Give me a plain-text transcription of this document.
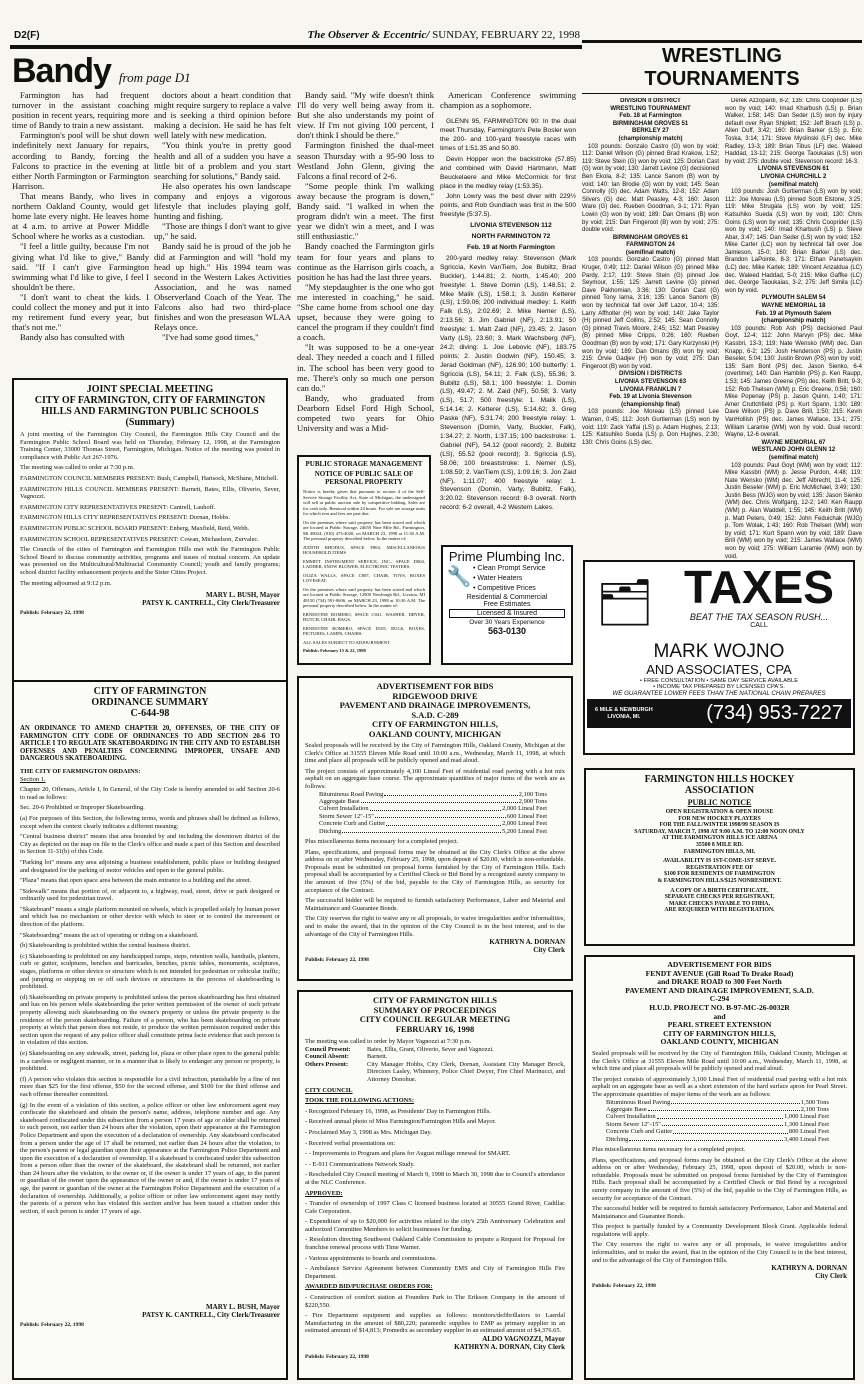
D2(F)	The Observer & Eccentric/ SUNDAY, FEBRUARY 22, 1998
Bandy from page D1

Farmington has had frequent turnover in the assistant coaching position in recent years, requiring more time of Bandy to train a new assistant.

Farmington's pool will be shut down indefinitely next January for repairs, according to Bandy, forcing the Falcons to practice in the evening at either North Farmington or Farmington Harrison.

That means Bandy, who lives in northern Oakland County, would get home late every night. He leaves home at 4 a.m. to arrive at Power Middle School where he works as a custodian.

"I feel a little guilty, because I'm not giving what I'd like to give," Bandy said. "If I can't give Farmington swimming what I'd like to give, I feel I shouldn't be there.

"I don't want to cheat the kids. I could collect the money and put it into my retirement fund every year, but that's not me."

Bandy also has consulted with

doctors about a heart condition that might require surgery to replace a valve and is seeking a third opinion before making a decision. He said he has felt well lately with new medication.

"You think you're in pretty good health and all of a sudden you have a little bit of a problem and you start searching for solutions," Bandy said.

He also operates his own landscape company and enjoys a vigorous lifestyle that includes playing golf, hunting and fishing.

"Those are things I don't want to give up," he said.

Bandy said he is proud of the job he did at Farmington and will "hold my head up high." His 1994 team was second in the Western Lakes Activities Association, and he was named Observerland Coach of the Year. The Falcons also had two third-place finishes and won the preseason WLAA Relays once.

"I've had some good times,"

Bandy said. "My wife doesn't think I'll do very well being away from it. But she also understands my point of view. If I'm not giving 100 percent, I don't think I should be there."

Farmington finished the dual-meet season Thursday with a 95-90 loss to Westland John Glenn, giving the Falcons a final record of 2-6.

"Some people think I'm walking away because the program is down," Bandy said. "I walked in when the program didn't win a meet. The first year we didn't win a meet, and I was still enthusiastic."

Bandy coached the Farmington girls team for four years and plans to continue as the Harrison girls coach, a position he has had the last three years.

"My stepdaughter is the one who got me interested in coaching," he said. "She came home from school one day upset, because they were going to cancel the program if they couldn't find a coach.

"It was supposed to be a one-year deal. They needed a coach and I filled in. The school has been very good to me. There's only so much one person can do."

Bandy, who graduated from Dearborn Edsel Ford High School, competed two years for Ohio University and was a Mid-

American Conference swimming champion as a sophomore.

GLENN 95, FARMINGTON 90: In the dual meet Thursday, Farmington's Pete Bosler won the 200- and 100-yard freestyle races with times of 1:51.35 and 50.80.

Devin Hopper won the backstroke (57.85) and combined with David Hartmann, Matt Beuckelaere and Mike McCormick for first place in the medley relay (1:53.35).

John Lowry was the best diver with 229½ points, and Rob Gundlach was first in the 500 freestyle (5:37.5).

LIVONIA STEVENSON 112

NORTH FARMINGTON 72

Feb. 19 at North Farmington

200-yard medley relay: Stevenson (Mark Sgriccia, Kevin VanTiem, Joe Bubiltz, Brad Buckler), 1:44.81; 2. North, 1:45.40; 200 freestyle: 1. Steve Domin (LS), 1:48.51; 2. Mike Malik (LS), 1:58.1; 3. Justin Ketterer (LS), 1:59.06; 200 individual medley: 1. Keith Falk (LS), 2:02.69; 2. Mike Nemer (LS), 2:13.56; 3. Jim Gabriel (NF), 2:13.91; 50 freestyle: 1. Matt Zaid (NF), 23.45; 2. Jason Varty (LS), 23.60; 3. Mark Wachsberg (NF), 24.2; diving: 1. Joe Lebovic (NF), 183.75 points; 2. Justin Godwin (NF), 150.45; 3. Jerad Goldman (NF), 126.90; 100 butterfly: 1. Sgriccia (LS), 54.11; 2. Falk (LS), 55.36; 3. Bubiltz (LS), 58.1; 100 freestyle: 1. Domin (LS), 49.47; 2. M. Zaid (NF), 50.58; 3. Varty (LS), 51.7; 500 freestyle: 1. Malik (LS), 5:14.14; 2. Ketterer (LS), 5:14.62; 3. Greg Paske (NF), 5:31.74; 200 freestyle relay: 1. Stevenson (Domin, Varty, Buckler, Falk), 1:34.27; 2. North, 1:37.15; 100 backstroke: 1. Gabriel (NF), 54.12 (pool record); 2. Bubiltz (LS), 55.52 (pool record); 3. Sgriccia (LS), 58.06; 100 breaststroke: 1. Nemer (LS), 1:08.59; 2. VanTiem (LS), 1:09.16; 3. Jon Zaid (NF), 1:11.07; 400 freestyle relay: 1. Stevenson (Domin, Varty, Bubiltz, Falk), 3:20.02. Stevenson record: 8-3 overall. North record: 6-2 overall, 4-2 Western Lakes.

WRESTLING TOURNAMENTS
DIVISION II DISTRICT
WRESTLING TOURNAMENT
Feb. 18 at Farmington
BIRMINGHAM GROVES 51
BERKLEY 27
(championship match)

103 pounds: Gonzalo Castro (G) won by void; 112: Daniel Wilson (G) pinned Brad Krakow, 1:52; 119: Steve Stein (G) won by void; 125: Dorian Cast (G) won by void; 130: Jarrett Levine (G) decisioned Ben Ekola, 8-2; 135: Lance Sanom (B) won by void; 140: Ian Brodie (G) won by void; 145: Sean Connolly (G) dec. Adam Watts, 12-8; 152: Adam Silvers (G) dec. Matt Peasley, 4-3; 160: Jason Ware (G) dec. Rueben Goodman, 3-1; 171: Ryan Lowin (G) won by void; 189: Dan Omans (B) won by void; 215: Dan Fingeroot (B) won by void; 275: double void.

BIRMINGHAM GROVES 61
FARMINGTON 24
(semifinal match)

103 pounds: Gonzalo Castro (G) pinned Matt Kruger, 0:49; 112: Daniel Wilson (G) pinned Mike Pardy, 2:17; 119: Steve Stein (G) pinned Joe Seymour, 1:55; 125: Jarrett Levine (G) pinned Dave Pakhomian, 3:36; 130: Dorian Cast (G) pinned Tony Iarna, 3:16; 135: Lance Sanom (B) won by technical fall over Jeff Lazor, 10-4; 135: Larry Affholter (H) won by void; 140: Jake Taylor (H) pinned Jeff Collins, 2:52; 145: Sean Connolly (G) pinned Travis Moore, 2:45; 152: Matt Peasley (B) pinned Mike Cripps, 0:26; 160: Rueben Goodman (B) won by void; 171: Gary Kurzynski (H) won by void; 189: Dan Omans (B) won by void; 215: Orvie Gadjev (H) won by void; 275: Dan Fingeroot (B) won by void.

DIVISION I DISTRICTS
LIVONIA STEVENSON 63
LIVONIA FRANKLIN 7
Feb. 19 at Livonia Stevenson
(championship final)

103 pounds: Joe Moreau (LS) pinned Lee Warren, 0:45; 112: Josh Gurtierman (LS) won by void; 119: Zack Yaffai (LS) p. Adam Hughes, 2:13; 125: Katsuhiko Sueda (LS) p. Don Hughes, 2:30; 130: Chris Goins (LS) dec.

Derek Azzopardi, 8-2; 135: Chris Cooprider (LS) won by void; 140: Imad Kharbush (LS) p. Brian Walker, 1:58; 145: Dan Seder (LS) won by injury default over Ryan Shiplett; 152: Jeff Brach (LS) p. Allen Duff, 3:42; 160: Brian Barker (LS) p. Eric Toska, 3:14; 171: Steve Myslinski (LF) dec. Mike Radley, 13-3; 189: Brian Tibus (LF) dec. Waleed Haddad, 13-12; 215: George Taoukaias (LS) won by void; 275: double void. Stevenson record: 16-3.

LIVONIA STEVENSON 61
LIVONIA CHURCHILL 2
(semifinal match)

103 pounds: Josh Gurtierman (LS) won by void; 112: Joe Moreau (LS) pinned Scott Elstone, 3:25; 119: Mike Strugala (LS) won by void; 125: Katsuhiko Sueda (LS) won by void; 130: Chris Goins (LS) won by void; 135: Chris Cooprider (LS) won by void; 140: Imad Kharbush (LS) p. Steve Abar, 3:47; 145: Dan Seder (LS) won by void; 152: Mike Carter (LC) won by technical fall over Joe Jamieson, 15-0; 160: Brian Barker (LS) dec. Brandon LaPointe, 8-3; 171: Ethan Panetsaykin (LC) dec. Mike Karlek; 189: Vincent Anzaldua (LC) dec. Waleed Haddad, 5-0; 215: Mike Gaffke (LC) dec. George Taoukaias, 3-2; 275: Jeff Simila (LC) won by void.

PLYMOUTH SALEM 54
WAYNE MEMORIAL 18
Feb. 19 at Plymouth Salem
(championship match)

103 pounds: Rob Ash (PS) decisioned Paul Goyt, 12-4; 112: John Marvyn (PS) dec. Mike Kassbri, 13-3; 119: Nate Wensko (WM) dec. Dan Knapp, 6-2; 125: Josh Henderson (PS) p. Justin Beseler, 5:04; 130: Justin Brown (PS) won by void; 135: Sam Bont (PS) dec. Jason Sienko, 6-4 (overtime); 140: Dan Hamblin (PS) p. Ken Raupp, 1:53; 145: James Greene (PS) dec. Keith Britt, 9-3; 152: Rob Thelsen (WM) p. Eric Greene, 0:56; 160: Mike Popenay (PS) p. Jason Quinn, 1:40; 171: Amer Cruttchfield (PS) p. Kurt Spann, 1:30; 189: Dave Wilson (PS) p. Dave Brill, 1:50; 215: Kevin VanHollish (PS) dec. James Wallace, 13-1; 275: William Laramie (WM) won by void. Dual record: Wayne, 12-6 overall.

WAYNE MEMORIAL 67
WESTLAND JOHN GLENN 12
(semifinal match)

103 pounds: Paul Goyt (WM) won by void; 112: Mike Kassbri (WM) p. Jesse Purdon, 4:48; 119: Nate Wensko (WM) dec. Jeff Albrecht, 11-4; 125: Justin Beseler (WM) p. Eric McMichael, 3:49; 130: Justin Bess (WJG) won by void; 135: Jason Sienko (WM) dec. Chris Wolfgang, 12-2; 140: Ken Raupp (WM) p. Alan Waddell, 1:55; 145: Keith Britt (WM) p. Matt Peters, 0:49; 152: John Feduichak (WJG) p. Tom Wolak, 1:43; 160: Rob Thelsen (WM) won by void; 171: Kurt Spann won by void; 189: Dave Brill (WM) won by void; 215: James Wallace (WM) won by void; 275: William Laramie (WM) won by void.

JOINT SPECIAL MEETING
CITY OF FARMINGTON, CITY OF FARMINGTON
HILLS AND FARMINGTON PUBLIC SCHOOLS
(Summary)

A joint meeting of the Farmington City Council, the Farmington Hills City Council and the Farmington Public School Board was held on Thursday, February 12, 1998, at the Farmington Training Center, 33000 Thomas Street, Farmington, Michigan. Notice of the meeting was posted in compliance with Public Act 267-1976.

The meeting was called to order at 7:30 p.m.

FARMINGTON COUNCIL MEMBERS PRESENT: Bush, Campbell, Hartsock, McShane, Mitchell.

FARMINGTON HILLS COUNCIL MEMBERS PRESENT: Barnett, Bates, Ellis, Oliverio, Sever, Vagnozzi.

FARMINGTON CITY REPRESENTATIVES PRESENT: Cantrell, Lauhoff.

FARMINGTON HILLS CITY REPRESENTATIVES PRESENT: Dornan, Hobbs.

FARMINGTON PUBLIC SCHOOL BOARD PRESENT: Enberg, Maxfield, Reid, Webb.

FARMINGTON SCHOOL REPRESENTATIVES PRESENT: Cowan, Michaelson, Zurvalec.

The Councils of the cities of Farmington and Farmington Hills met with the Farmington Public School Board to discuss community activities, programs and issues of mutual concern. An update was presented on the Multicultural/Multiracial Community Council; youth and family programs; school district facility enhancement projects and the Sister Cities Project.

The meeting adjourned at 9:12 p.m.

MARY L. BUSH, Mayor

PATSY K. CANTRELL, City Clerk/Treasurer

Publish: February 22, 1998
PUBLIC STORAGE MANAGEMENT
NOTICE OF PUBLIC SALE OF PERSONAL PROPERTY

Notice is hereby given that pursuant to section 4 of the Self-Service Storage Facility Act, State of Michigan, the undersigned will sell at public auction sale by competitive bidding. Sales are for cash only. Removal within 24 hours. For sale are storage units for which rent and fees are past due.

On the premises where said property has been stored and which are located at Public Storage, 24650 Nine Mile Rd., Farmington, Mi 48024, (810) 473-4020, on MARCH 23, 1998 at 11:30 A.M. The personal property described below. In the matter of:

JUDITH RHODUS, SPACE F804, MISCELLANEOUS HOUSEHOLD ITEMS

EMMITT INSTRUMENT SERVICE, INC., SPACE D004, LADDER, SNOW BLOWER, ELECTRONIC TESTERS.

OLIZA WALLS, SPACE C807, CHAIR, TOYS, BOXES LOVESEAT.

On the premises where said property has been stored and which are located at Public Storage, 12900 Newburgh Rd., Livonia, MI 48150 (734) 591-0606, on MARCH 23, 1998 at 10:30 A.M. The personal property described below. In the matter of:

ERNESTINE ROMERO, SPACE C041, WASHER, DRYER, HUTCH, CHAIR, BAGS.

ERNESTINE ROMERO, SPACE D105, RUGS, BOXES, PICTURES, LAMPS, CHAIRS.

ALL SALES SUBJECT TO ADJOURNMENT.

Publish: February 15 & 22, 1998
Prime Plumbing Inc.
🔧 • Clean Prompt Service

• Water Heaters

• Competitive Prices

Residential & Commercial
Free Estimates
Licensed & Insured
Over 30 Years Experience
563-0130
ADVERTISEMENT FOR BIDS
RIDGEWOOD DRIVE
PAVEMENT AND DRAINAGE IMPROVEMENTS,
S.A.D. C-289
CITY OF FARMINGTON HILLS,
OAKLAND COUNTY, MICHIGAN

Sealed proposals will be received by the City of Farmington Hills, Oakland County, Michigan at the Clerk's Office at 31555 Eleven Mile Road until 10:00 a.m., Wednesday, March 11, 1998, at which time and place all proposals will be publicly opened and read aloud.

The project consists of approximately 4,100 Lineal Feet of residential road paving with a hot mix asphalt on an aggregate base course. The approximate quantities of major items of the work are as follows:

Bituminous Road Paving	2,100 Tons
Aggregate Base	2,900 Tons
Culvert Installation	2,000 Lineal Feet
Storm Sewer 12"-15"	600 Lineal Feet
Concrete Curb and Gutter	2,000 Lineal Feet
Ditching	5,200 Lineal Feet

Plus miscellaneous items necessary for a completed project.

Plans, specifications, and proposal forms may be obtained at the City Clerk's Office at the above address on or after Wednesday, February 25, 1998, upon deposit of $20.00, which is non-refundable. Proposals must be submitted on proposal forms furnished by the City of Farmington Hills. Each proposal shall be accompanied by a Certified Check or Bid Bond by a recognized surety company in the amount of five (5%) of the bid, payable to the City of Farmington Hills, as security for acceptance of the Contract.

The successful bidder will be required to furnish satisfactory Performance, Labor and Material and Maintainance and Guarantee Bonds.

The City reserves the right to waive any or all proposals, to waive irregularities and/or informalities, and to make the award, that in the opinion of the City Council is in the best interest, and to the advantage of the City of Farmington Hills.

KATHRYN A. DORNAN

City Clerk

Publish: February 22, 1998
CITY OF FARMINGTON
ORDINANCE SUMMARY
C-644-98
AN ORDINANCE TO AMEND CHAPTER 20, OFFENSES, OF THE CITY OF FARMINGTON CITY CODE OF ORDINANCES TO ADD SECTION 20-6 TO ARTICLE I TO REGULATE SKATEBOARDING IN THE CITY AND TO ESTABLISH OFFENSES AND PENALTIES CONCERNING IMPROPER, UNSAFE AND DANGEROUS SKATEBOARDING.
THE CITY OF FARMINGTON ORDAINS:
Section 1.

Chapter 20, Offenses, Article I, In General, of the City Code is hereby amended to add Section 20-6 to read as follows:

Sec. 20-6 Prohibited or Improper Skateboarding.

(a) For purposes of this Section, the following terms, words and phrases shall be defined as follows, except when the context clearly indicates a different meaning:

"Central business district" means that area bounded by and including the downtown district of the City as depicted on the map on file in the Clerk's office and made a part of this Section and described in Section 11-31(b) of this Code.

"Parking lot" means any area adjoining a business establishment, public place or building designed and designated for the parking of motor vehicles and open to the general public.

"Plaza" means that open space area between the main entrance to a building and the street.

"Sidewalk" means that portion of, or adjacent to, a highway, road, street, drive or park designed or ordinarily used for pedestrian travel.

"Skateboard" means a single platform mounted on wheels, which is propelled solely by human power and which has no mechanism or other device with which to steer or to control the movement or direction of the platform.

"Skateboarding" means the act of operating or riding on a skateboard.

(b) Skateboarding is prohibited within the central business district.

(c) Skateboarding is prohibited on any handicapped ramps, steps, retention walls, handrails, planters, curb or gutter, sculptures, benches and barricades, benches, picnic tables, monuments, sculptures, stages, platforms or other device or structure which is not intended for pedestrian or vehicular traffic; and jumping or stepping on or off such devices or structures in the process of skateboarding is prohibited.

(d) Skateboarding on private property is prohibited unless the person skateboarding has first obtained and has on his person while skateboarding the prior written permission of the owner of such private property allowing such skateboarding on the owner's property or unless the private property is the residence of the person skateboarding. Failure of a person, who has been skateboarding on private property at which that person does not reside, to produce the written permission required under this section upon the request of any police officer shall constitute prima facie evidence that such person is in violation of this section.

(e) Skateboarding on any sidewalk, street, parking lot, plaza or other place open to the general public in a careless or negligent manner, or in a manner that is likely to endanger any person or property, is prohibited.

(f) A person who violates this section is responsible for a civil infraction, punishable by a fine of not more than $25 for the first offense, $50 for the second offense, and $100 for the third offense and each offense thereafter committed.

(g) In the event of a violation of this section, a police officer or other law enforcement agent may confiscate the skateboard and obtain the person's name, address, telephone number and age. Any skateboard confiscated under this subsection from a person 17 years of age or older shall be returned to such person, not earlier than 24 hours after the violation, upon their appearance at the Farmington Police Department and upon the execution of a declaration of ownership. Any skateboard confiscated from a person under the age of 17 shall be returned, not earlier than 24 hours after the violation, to the person's parent or legal guardian upon their appearance at the Farmington Police Department and upon the execution of a declaration of ownership. If a skateboard is confiscated under this subsection from a person other than the owner of the skateboard, the skateboard shall be returned, not earlier than 24 hours after the violation, to the owner or, if the owner is under 17 years of age, to the parent or guardian of the owner upon the appearance of the owner or and, if the owner is under 17 years of age, the parent or guardian of the owner at the Farmington Police Department and the execution of a declaration of ownership. Additionally, a police officer or other law enforcement agent may notify the parents of a person who has violated this section and/or has been issued a citation under this section, if such person is under 17 years of age.

MARY L. BUSH, Mayor

PATSY K. CANTRELL, City Clerk/Treasurer

Publish: February 22, 1998
CITY OF FARMINGTON HILLS
SUMMARY OF PROCEEDINGS
CITY COUNCIL REGULAR MEETING
FEBRUARY 16, 1998
The meeting was called to order by Mayor Vagnozzi at 7:30 p.m.
Council Present:	Bates, Ellis, Grant, Oliverio, Sever and Vagnozzi.
Council Absent:	Barnett.
Others Present:	City Manager Hobbs, City Clerk, Dornan, Assistant City Manager Brock, Directors Lasley, Whinnery, Police Chief Dwyer, Fire Chief Marinucci, and Attorney Donohue.

CITY COUNCIL

TOOK THE FOLLOWING ACTIONS:

- Recognized February 16, 1998, as Presidents' Day in Farmington Hills.

- Received annual photo of Miss Farmington/Farmington Hills and Mayor.

- Proclaimed May 3, 1998 as Mrs. Michigan Day.

- Received verbal presentations on:

- - Improvements to Program and plans for August millage renewal for SMART.

- - E-911 Communications Network Study.

- Rescheduled City Council meeting of March 9, 1998 to March 30, 1998 due to Council's attendance at the NLC Conference.

APPROVED:

- Transfer of ownership of 1997 Class C licensed business located at 30555 Grand River, Cadillac Cafe Corporation.

- Expenditure of up to $20,000 for activities related to the city's 25th Anniversary Celebration and authorized Committee Members to solicit businesses for funding.

- Resolution directing Southwest Oakland Cable Commission to prepare a Request for Proposal for franchise renewal process with Time Warner.

- Various appointments to boards and commissions.

- Ambulance Service Agreement between Community EMS and City of Farmington Hills Fire Department.

AWARDED BID/PURCHASE ORDERS FOR:

- Construction of comfort station at Founders Park to The Erikson Company in the amount of $220,550.

- Fire Department equipment and supplies as follows: monitors/defibrillators to Laerdal Manufacturing in the amount of $80,220; paramedic supplies to EMP as primary supplier in an estimated amount of $14,813; Promedix as secondary supplier in an estimated amount of $4,376.65.

ALDO VAGNOZZI, Mayor

KATHRYN A. DORNAN, City Clerk

Publish: February 22, 1998
🗂 TAXES
BEAT THE TAX SEASON RUSH...
CALL
MARK WOJNO
AND ASSOCIATES, CPA
• FREE CONSULTATION • SAME DAY SERVICE AVAILABLE
• INCOME TAX PREPARED BY LICENSED CPA'S.
WE GUARANTEE LOWER FEES THAN THE NATIONAL CHAIN PREPARES
6 MILE & NEWBURGH
LIVONIA, MI.	(734) 953-7227

FARMINGTON HILLS HOCKEY

ASSOCIATION

PUBLIC NOTICE

OPEN REGISTRATION & OPEN HOUSE

FOR NEW HOCKEY PLAYERS

FOR THE FALL/WINTER 1998/99 SEASON IS

SATURDAY, MARCH 7, 1998 AT 9:00 A.M. TO 12:00 NOON ONLY

AT THE FARMINGTON HILLS ICE ARENA

35500 8 MILE RD.

FARMINGTON HILLS, MI.

AVAILABILITY IS 1ST-COME-1ST SERVE.

REGISTRATION FEE OF

$100 FOR RESIDENTS OF FARMINGTON

& FARMINGTON HILLS/$125 NONRESIDENT.

A COPY OF A BIRTH CERTIFICATE,

SEPARATE CHECKS PER REGISTRANT,

MAKE CHECKS PAYABLE TO FHHA,

ARE REQUIRED WITH REGISTRATION.

ADVERTISEMENT FOR BIDS
FENDT AVENUE (Gill Road To Drake Road)
and DRAKE ROAD to 300 Feet North
PAVEMENT AND DRAINAGE IMPROVEMENT, S.A.D.
C-294
H.U.D. PROJECT NO. B-97-MC-26-0032R
and
PEARL STREET EXTENSION
CITY OF FARMINGTON HILLS,
OAKLAND COUNTY, MICHIGAN

Sealed proposals will be received by the City of Farmington Hills, Oakland County, Michigan at the Clerk's Office at 31555 Eleven Mile Road until 10:00 a.m., Wednesday, March 11, 1998, at which time and place all proposals will be publicly opened and read aloud.

The project consists of approximately 3,100 Lineal Feet of residential road paving with a hot mix asphalt on an aggregate base as well as a short extension of the hard surface apron for Pearl Street. The approximate quantities of major items of the work are as follows:

Bituminous Road Paving	1,500 Tons
Aggregate Base	2,100 Tons
Culvert Installation	1,000 Lineal Feet
Storm Sewer 12"-15"	1,300 Lineal Feet
Concrete Curb and Gutter	800 Lineal Feet
Ditching	3,400 Lineal Feet

Plus miscellaneous items necessary for a completed project.

Plans, specifications, and proposal forms may be obtained at the City Clerk's Office at the above address on or after Wednesday, February 25, 1998, upon deposit of $20.00, which is non-refundable. Proposals must be submitted on proposal forms furnished by the City of Farmington Hills. Each proposal shall be accompanied by a Certified Check or Bid Bond by a recognized surety company in the amount of five (5%) of the bid, payable to the City of Farmington Hills, as security for acceptance of the Contract.

The successful bidder will be required to furnish satisfactory Performance, Labor and Material and Maintainance and Guarantee Bonds.

This project is partially funded by a Community Development Block Grant. Applicable federal regulations will apply.

The City reserves the right to waive any or all proposals, to waive irregularities and/or informalities, and to make the award, that in the opinion of the City Council is in the best interest, and to the advantage of the City of Farmington Hills.

KATHRYN A. DORNAN

City Clerk

Publish: February 22, 1998
